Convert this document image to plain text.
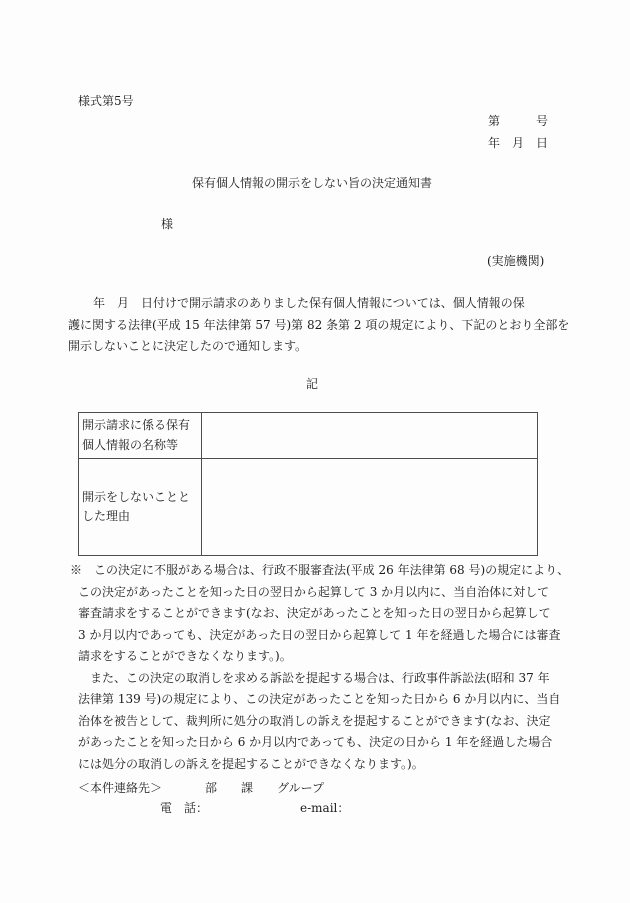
様式第5号
第　　　号
年　月　日
保有個人情報の開示をしない旨の決定通知書
様
(実施機関)
年　月　日付けで開示請求のありました保有個人情報については、個人情報の保
護に関する法律(平成 15 年法律第 57 号)第 82 条第 2 項の規定により、下記のとおり全部を
開示しないことに決定したので通知します。
記
開示請求に係る保有個人情報の名称等	
開示をしないこととした理由	
※　この決定に不服がある場合は、行政不服審査法(平成 26 年法律第 68 号)の規定により、
この決定があったことを知った日の翌日から起算して 3 か月以内に、当自治体に対して
審査請求をすることができます(なお、決定があったことを知った日の翌日から起算して
3 か月以内であっても、決定があった日の翌日から起算して 1 年を経過した場合には審査
請求をすることができなくなります。)。
　また、この決定の取消しを求める訴訟を提起する場合は、行政事件訴訟法(昭和 37 年
法律第 139 号)の規定により、この決定があったことを知った日から 6 か月以内に、当自
治体を被告として、裁判所に処分の取消しの訴えを提起することができます(なお、決定
があったことを知った日から 6 か月以内であっても、決定の日から 1 年を経過した場合
には処分の取消しの訴えを提起することができなくなります。)。
＜本件連絡先＞	部　　課　　グループ
電　話：	e-mail：
